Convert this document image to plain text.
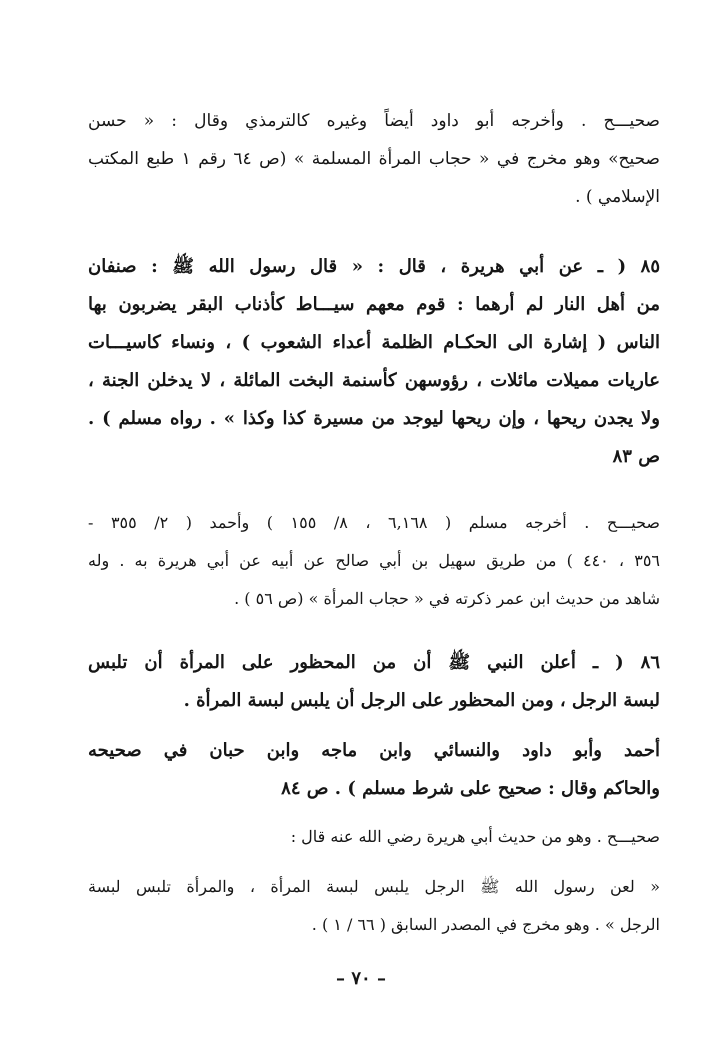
صحيـــح . وأخرجه أبو داود أيضاً وغيره كالترمذي وقال : « حسن
صحيح» وهو مخرج في « حجاب المرأة المسلمة » (ص ٦٤ رقم ١ طبع المكتب
الإسلامي ) .
٨٥ ( ـ عن أبي هريرة ، قال : « قال رسول الله ﷺ : صنفان
من أهل النار لم أرهما : قوم معهم سيـــاط كأذناب البقر يضربون بها
الناس ( إشارة الى الحكـام الظلمة أعداء الشعوب ) ، ونساء كاسيـــات
عاريات مميلات مائلات ، رؤوسهن كأسنمة البخت المائلة ، لا يدخلن الجنة ،
ولا يجدن ريحها ، وإن ريحها ليوجد من مسيرة كذا وكذا » . رواه مسلم ) .
ص ٨٣
صحيـــح . أخرجه مسلم ( ٦,١٦٨ ، ٨/ ١٥٥ ) وأحمد ( ٢/ ٣٥٥ -
٣٥٦ ، ٤٤٠ ) من طريق سهيل بن أبي صالح عن أبيه عن أبي هريرة به . وله
شاهد من حديث ابن عمر ذكرته في « حجاب المرأة » (ص ٥٦ ) .
٨٦ ( ـ أعلن النبي ﷺ أن من المحظور على المرأة أن تلبس
لبسة الرجل ، ومن المحظور على الرجل أن يلبس لبسة المرأة .
أحمد وأبو داود والنسائي وابن ماجه وابن حبان في صحيحه
والحاكم وقال : صحيح على شرط مسلم ) . ص ٨٤
صحيـــح . وهو من حديث أبي هريرة رضي الله عنه قال :
« لعن رسول الله ﷺ الرجل يلبس لبسة المرأة ، والمرأة تلبس لبسة
الرجل » . وهو مخرج في المصدر السابق ( ٦٦ / ١ ) .
– ٧٠ –
